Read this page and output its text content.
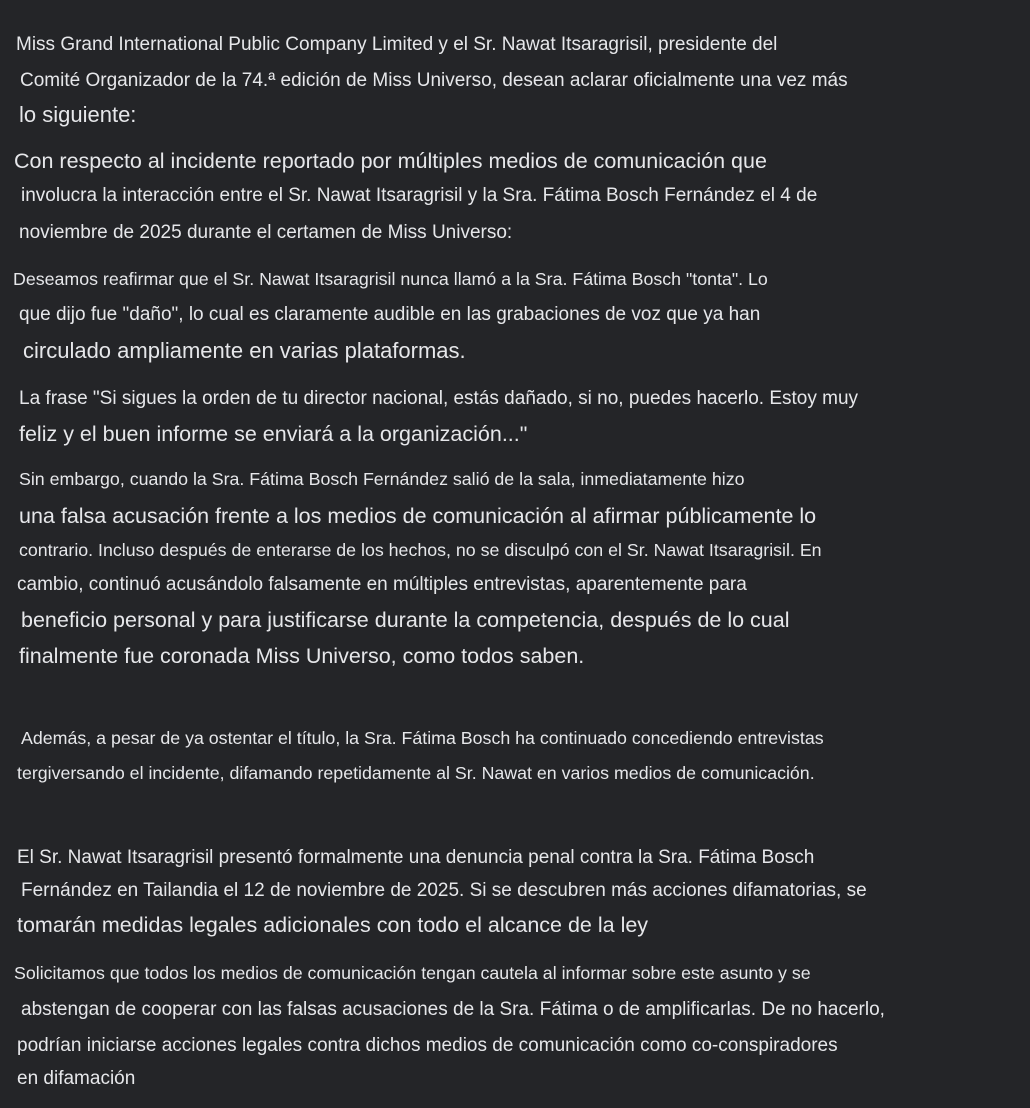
Miss Grand International Public Company Limited y el Sr. Nawat Itsaragrisil, presidente del
Comité Organizador de la 74.ª edición de Miss Universo, desean aclarar oficialmente una vez más
lo siguiente:
Con respecto al incidente reportado por múltiples medios de comunicación que
involucra la interacción entre el Sr. Nawat Itsaragrisil y la Sra. Fátima Bosch Fernández el 4 de
noviembre de 2025 durante el certamen de Miss Universo:
Deseamos reafirmar que el Sr. Nawat Itsaragrisil nunca llamó a la Sra. Fátima Bosch "tonta". Lo
que dijo fue "daño", lo cual es claramente audible en las grabaciones de voz que ya han
circulado ampliamente en varias plataformas.
La frase "Si sigues la orden de tu director nacional, estás dañado, si no, puedes hacerlo. Estoy muy
feliz y el buen informe se enviará a la organización..."
Sin embargo, cuando la Sra. Fátima Bosch Fernández salió de la sala, inmediatamente hizo
una falsa acusación frente a los medios de comunicación al afirmar públicamente lo
contrario. Incluso después de enterarse de los hechos, no se disculpó con el Sr. Nawat Itsaragrisil. En
cambio, continuó acusándolo falsamente en múltiples entrevistas, aparentemente para
beneficio personal y para justificarse durante la competencia, después de lo cual
finalmente fue coronada Miss Universo, como todos saben.
Además, a pesar de ya ostentar el título, la Sra. Fátima Bosch ha continuado concediendo entrevistas
tergiversando el incidente, difamando repetidamente al Sr. Nawat en varios medios de comunicación.
El Sr. Nawat Itsaragrisil presentó formalmente una denuncia penal contra la Sra. Fátima Bosch
Fernández en Tailandia el 12 de noviembre de 2025. Si se descubren más acciones difamatorias, se
tomarán medidas legales adicionales con todo el alcance de la ley
Solicitamos que todos los medios de comunicación tengan cautela al informar sobre este asunto y se
abstengan de cooperar con las falsas acusaciones de la Sra. Fátima o de amplificarlas. De no hacerlo,
podrían iniciarse acciones legales contra dichos medios de comunicación como co-conspiradores
en difamación
